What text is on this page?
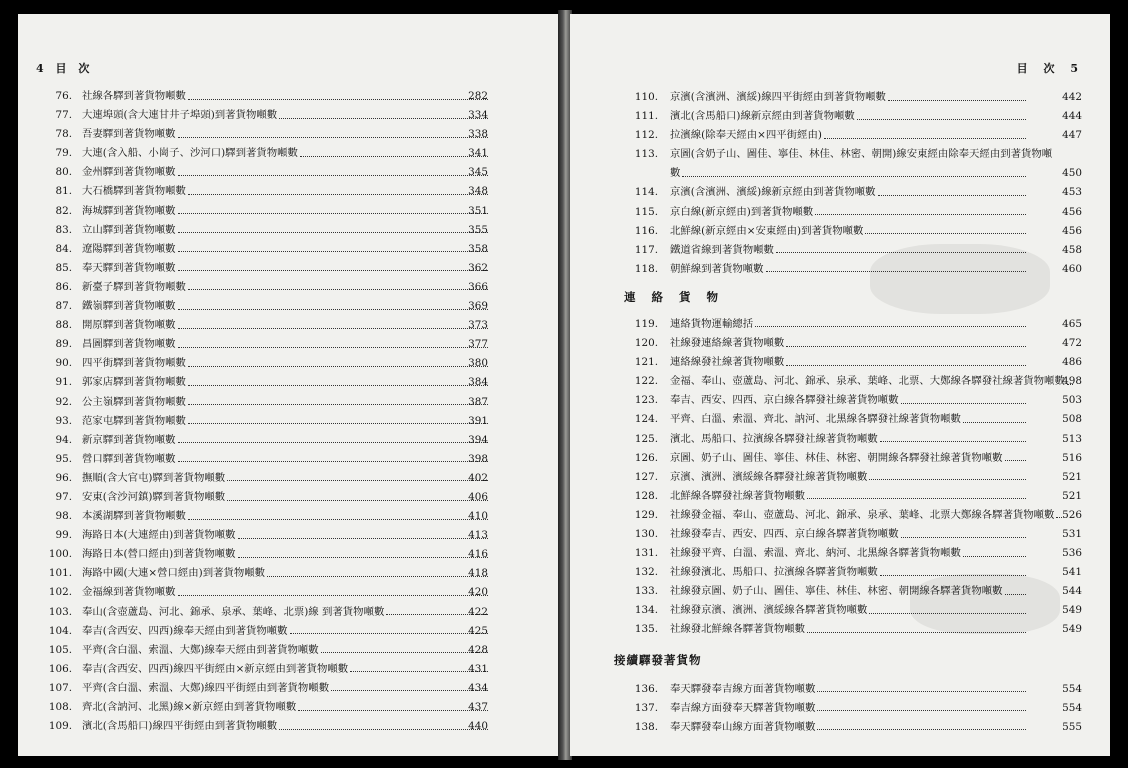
4 目 次
76. 社線各驛到著貨物噸數	282
77. 大連埠頭(含大連甘井子埠頭)到著貨物噸數	334
78. 吾妻驛到著貨物噸數	338
79. 大連(含入船、小崗子、沙河口)驛到著貨物噸數	341
80. 金州驛到著貨物噸數	345
81. 大石橋驛到著貨物噸數	348
82. 海城驛到著貨物噸數	351
83. 立山驛到著貨物噸數	355
84. 遼陽驛到著貨物噸數	358
85. 奉天驛到著貨物噸數	362
86. 新臺子驛到著貨物噸數	366
87. 鐵嶺驛到著貨物噸數	369
88. 開原驛到著貨物噸數	373
89. 昌圖驛到著貨物噸數	377
90. 四平街驛到著貨物噸數	380
91. 郭家店驛到著貨物噸數	384
92. 公主嶺驛到著貨物噸數	387
93. 范家屯驛到著貨物噸數	391
94. 新京驛到著貨物噸數	394
95. 營口驛到著貨物噸數	398
96. 撫順(含大官屯)驛到著貨物噸數	402
97. 安東(含沙河鎮)驛到著貨物噸數	406
98. 本溪湖驛到著貨物噸數	410
99. 海路日本(大連經由)到著貨物噸數	413
100. 海路日本(營口經由)到著貨物噸數	416
101. 海路中國(大連×營口經由)到著貨物噸數	418
102. 金福線到著貨物噸數	420
103. 奉山(含壺蘆島、河北、錦承、泉承、葉峰、北票)線 到著貨物噸數	422
104. 奉吉(含西安、四西)線奉天經由到著貨物噸數	425
105. 平齊(含白溫、索溫、大鄭)線奉天經由到著貨物噸數	428
106. 奉吉(含西安、四西)線四平街經由×新京經由到著貨物噸數	431
107. 平齊(含白溫、索溫、大鄭)線四平街經由到著貨物噸數	434
108. 齊北(含訥河、北黑)線×新京經由到著貨物噸數	437
109. 濱北(含馬船口)線四平街經由到著貨物噸數	440
目 次 5
110. 京濱(含濱洲、濱綏)線四平街經由到著貨物噸數	442
111. 濱北(含馬船口)線新京經由到著貨物噸數	444
112. 拉濱線(除奉天經由×四平街經由)	447
113. 京圖(含奶子山、圖佳、寧佳、林佳、林密、朝開)線安東經由除奉天經由到著貨物噸
數	450
114. 京濱(含濱洲、濱綏)線新京經由到著貨物噸數	453
115. 京白線(新京經由)到著貨物噸數	456
116. 北鮮線(新京經由×安東經由)到著貨物噸數	456
117. 鐵道省線到著貨物噸數	458
118. 朝鮮線到著貨物噸數	460
連 絡 貨 物
119. 連絡貨物運輸總括	465
120. 社線發連絡線著貨物噸數	472
121. 連絡線發社線著貨物噸數	486
122. 金福、奉山、壺蘆島、河北、錦承、泉承、葉峰、北票、大鄭線各驛發社線著貨物噸數
498
123. 奉吉、西安、四西、京白線各驛發社線著貨物噸數	503
124. 平齊、白溫、索溫、齊北、訥河、北黑線各驛發社線著貨物噸數	508
125. 濱北、馬船口、拉濱線各驛發社線著貨物噸數	513
126. 京圖、奶子山、圖佳、寧佳、林佳、林密、朝開線各驛發社線著貨物噸數	516
127. 京濱、濱洲、濱綏線各驛發社線著貨物噸數	521
128. 北鮮線各驛發社線著貨物噸數	521
129. 社線發金福、奉山、壺蘆島、河北、錦承、泉承、葉峰、北票大鄭線各驛著貨物噸數 526
130. 社線發奉吉、西安、四西、京白線各驛著貨物噸數	531
131. 社線發平齊、白溫、索溫、齊北、納河、北黑線各驛著貨物噸數	536
132. 社線發濱北、馬船口、拉濱線各驛著貨物噸數	541
133. 社線發京圖、奶子山、圖佳、寧佳、林佳、林密、朝開線各驛著貨物噸數	544
134. 社線發京濱、濱洲、濱綏線各驛著貨物噸數	549
135. 社線發北鮮線各驛著貨物噸數	549
接續驛發著貨物
136. 奉天驛發奉吉線方面著貨物噸數	554
137. 奉吉線方面發奉天驛著貨物噸數	554
138. 奉天驛發奉山線方面著貨物噸數	555
